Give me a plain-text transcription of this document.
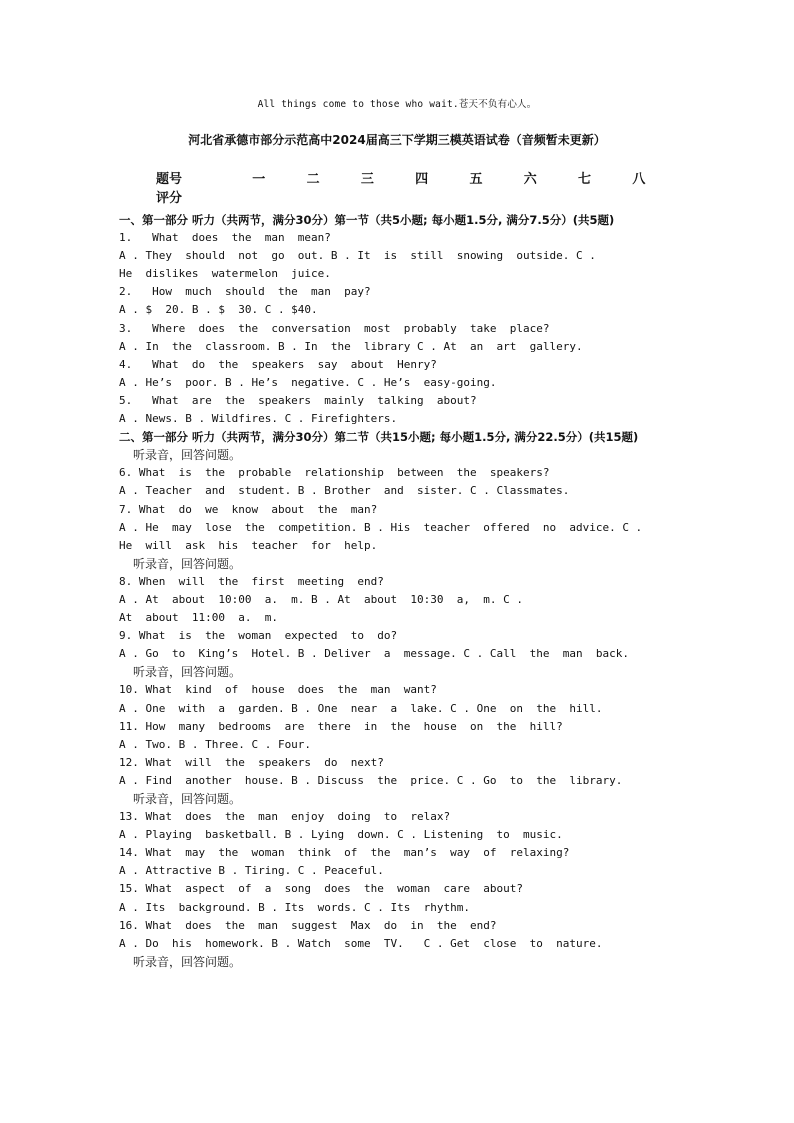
All things come to those who wait.苍天不负有心人。
河北省承德市部分示范高中2024届高三下学期三模英语试卷（音频暂未更新）
题号	一	二	三	四	五	六	七	八
评分
一、第一部分 听力（共两节，满分30分）第一节（共5小题; 每小题1.5分, 满分7.5分）(共5题)
1.   What  does  the  man  mean?
A . They  should  not  go  out. B . It  is  still  snowing  outside. C .
He  dislikes  watermelon  juice.
2.   How  much  should  the  man  pay?
A . $  20. B . $  30. C . $40.
3.   Where  does  the  conversation  most  probably  take  place?
A . In  the  classroom. B . In  the  library C . At  an  art  gallery.
4.   What  do  the  speakers  say  about  Henry?
A . He’s  poor. B . He’s  negative. C . He’s  easy-going.
5.   What  are  the  speakers  mainly  talking  about?
A . News. B . Wildfires. C . Firefighters.
二、第一部分 听力（共两节，满分30分）第二节（共15小题; 每小题1.5分, 满分22.5分）(共15题)
听录音，回答问题。
6. What  is  the  probable  relationship  between  the  speakers?
A . Teacher  and  student. B . Brother  and  sister. C . Classmates.
7. What  do  we  know  about  the  man?
A . He  may  lose  the  competition. B . His  teacher  offered  no  advice. C .
He  will  ask  his  teacher  for  help.
听录音，回答问题。
8. When  will  the  first  meeting  end?
A . At  about  10:00  a.  m. B . At  about  10:30  a,  m. C .
At  about  11:00  a.  m.
9. What  is  the  woman  expected  to  do?
A . Go  to  King’s  Hotel. B . Deliver  a  message. C . Call  the  man  back.
听录音，回答问题。
10. What  kind  of  house  does  the  man  want?
A . One  with  a  garden. B . One  near  a  lake. C . One  on  the  hill.
11. How  many  bedrooms  are  there  in  the  house  on  the  hill?
A . Two. B . Three. C . Four.
12. What  will  the  speakers  do  next?
A . Find  another  house. B . Discuss  the  price. C . Go  to  the  library.
听录音，回答问题。
13. What  does  the  man  enjoy  doing  to  relax?
A . Playing  basketball. B . Lying  down. C . Listening  to  music.
14. What  may  the  woman  think  of  the  man’s  way  of  relaxing?
A . Attractive B . Tiring. C . Peaceful.
15. What  aspect  of  a  song  does  the  woman  care  about?
A . Its  background. B . Its  words. C . Its  rhythm.
16. What  does  the  man  suggest  Max  do  in  the  end?
A . Do  his  homework. B . Watch  some  TV.   C . Get  close  to  nature.
听录音，回答问题。
